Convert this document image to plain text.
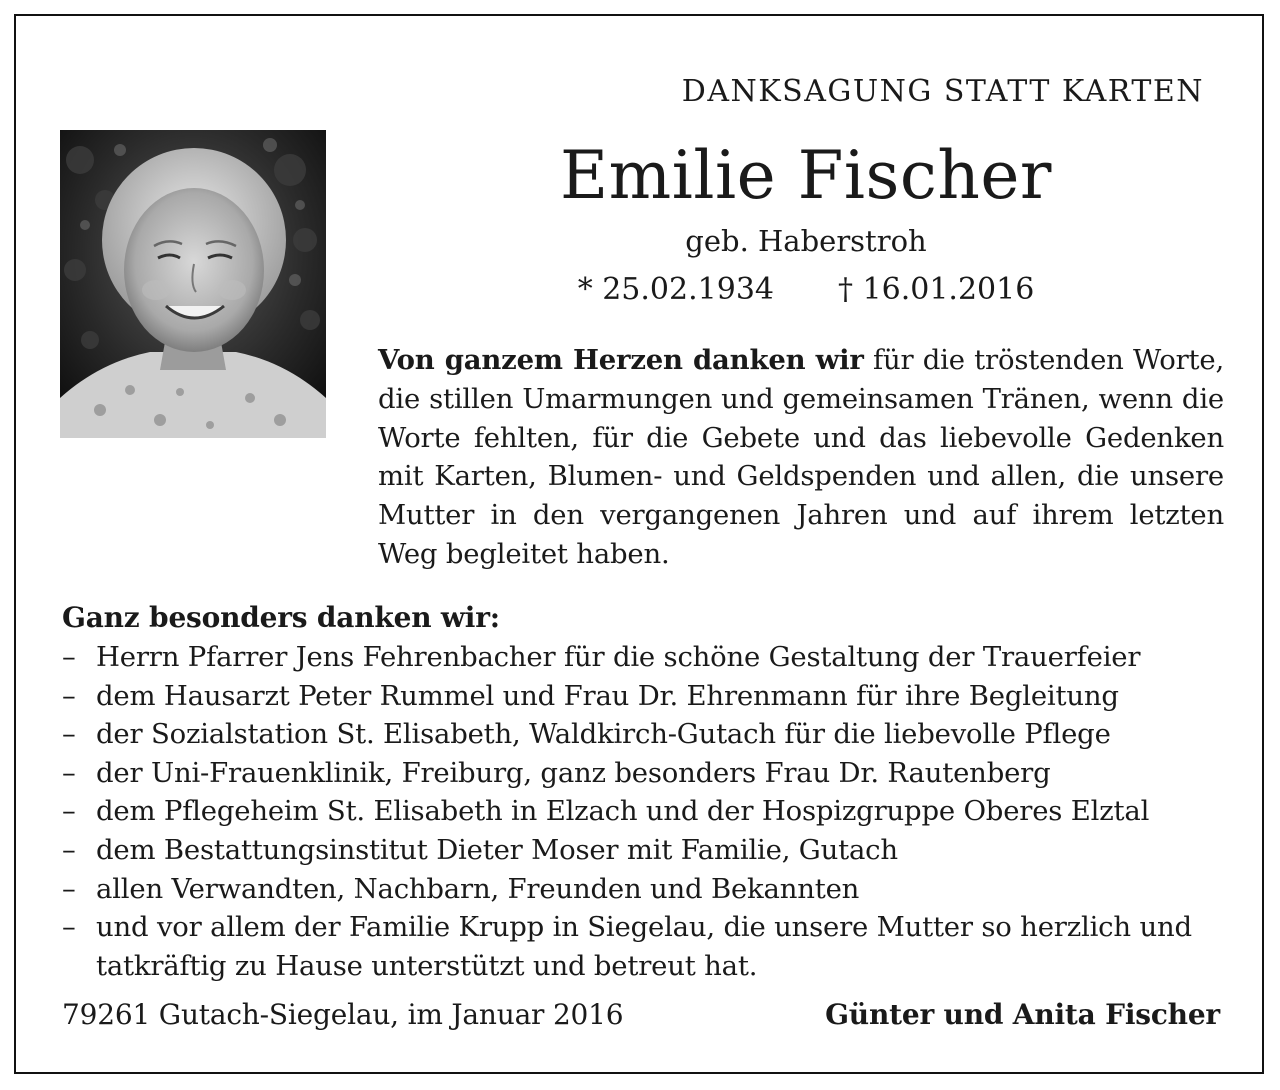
DANKSAGUNG STATT KARTEN
Emilie Fischer
geb. Haberstroh
* 25.02.1934 † 16.01.2016
Von ganzem Herzen danken wir für die tröstenden Worte, die stillen Umarmungen und gemeinsamen Tränen, wenn die Worte fehlten, für die Gebete und das liebevolle Gedenken mit Karten, Blumen- und Geldspenden und allen, die unsere Mutter in den vergangenen Jahren und auf ihrem letzten Weg begleitet haben.
Ganz besonders danken wir:
– Herrn Pfarrer Jens Fehrenbacher für die schöne Gestaltung der Trauerfeier
– dem Hausarzt Peter Rummel und Frau Dr. Ehrenmann für ihre Begleitung
– der Sozialstation St. Elisabeth, Waldkirch-Gutach für die liebevolle Pflege
– der Uni-Frauenklinik, Freiburg, ganz besonders Frau Dr. Rautenberg
– dem Pflegeheim St. Elisabeth in Elzach und der Hospizgruppe Oberes Elztal
– dem Bestattungsinstitut Dieter Moser mit Familie, Gutach
– allen Verwandten, Nachbarn, Freunden und Bekannten
– und vor allem der Familie Krupp in Siegelau, die unsere Mutter so herzlich und tatkräftig zu Hause unterstützt und betreut hat.
79261 Gutach-Siegelau, im Januar 2016	Günter und Anita Fischer
